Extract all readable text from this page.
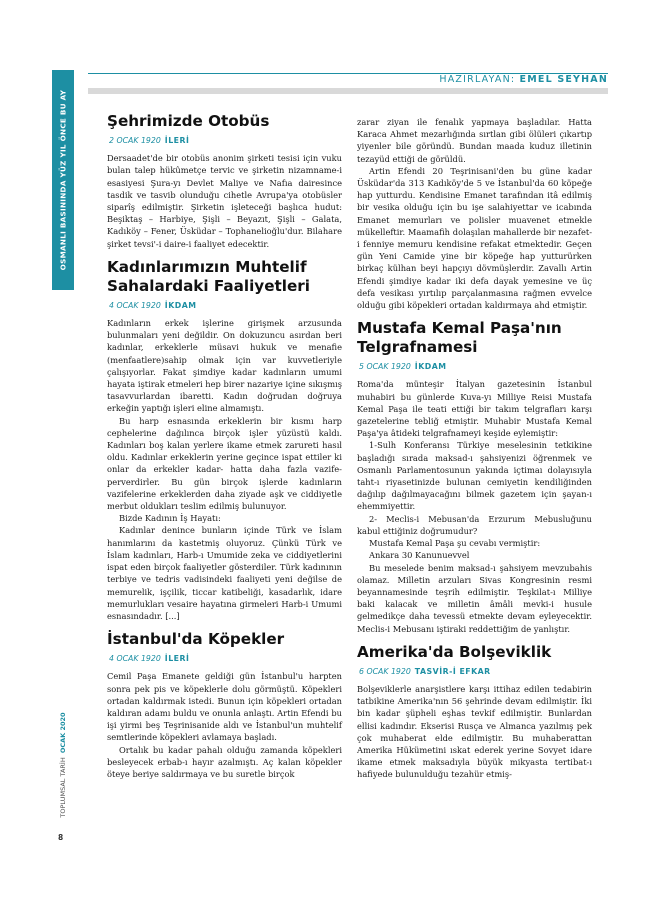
OSMANLI BASININDA YÜZ YIL ÖNCE BU AY
TOPLUMSAL TARİH  OCAK 2020
8
HAZIRLAYAN: EMEL SEYHAN
Şehrimizde Otobüs
2 OCAK 1920 İLERİ

Dersaadet'de bir otobüs anonim şirketi tesisi için vuku bulan talep hükûmetçe tervic ve şirketin nizamname-i esasiyesi Şura-yı Devlet Maliye ve Nafıa dairesince tasdik ve tasvib olunduğu cihetle Avrupa'ya otobüsler siparîş edilmiştir. Şirketin işleteceği başlıca hudut: Beşiktaş – Harbiye, Şişli – Beyazıt, Şişli – Galata, Kadıköy – Fener, Üsküdar – Tophanelioğlu'dur. Bilahare şirket tevsi'-i daire-i faaliyet edecektir.

Kadınlarımızın Muhtelif Sahalardaki Faaliyetleri
4 OCAK 1920 İKDAM

Kadınların erkek işlerine girişmek arzusunda bulunmaları yeni değildir. On dokuzuncu asırdan beri kadınlar, erkeklerle müsavi hukuk ve menafie (menfaatlere)sahip olmak için var kuvvetleriyle çalışıyorlar. Fakat şimdiye kadar kadınların umumi hayata iştirak etmeleri hep birer nazariye içine sıkışmış tasavvurlardan ibaretti. Kadın doğrudan doğruya erkeğin yaptığı işleri eline almamıştı.

Bu harp esnasında erkeklerin bir kısmı harp cephelerine dağılınca birçok işler yüzüstü kaldı. Kadınları boş kalan yerlere ikame etmek zarureti hasıl oldu. Kadınlar erkeklerin yerine geçince ispat ettiler ki onlar da erkekler kadar- hatta daha fazla vazife-perverdirler. Bu gün birçok işlerde kadınların vazifelerine erkeklerden daha ziyade aşk ve ciddiyetle merbut oldukları teslim edilmiş bulunuyor.

Bizde Kadının İş Hayatı:

Kadınlar denince bunların içinde Türk ve İslam hanımlarını da kastetmiş oluyoruz. Çünkü Türk ve İslam kadınları, Harb-ı Umumide zeka ve ciddiyetlerini ispat eden birçok faaliyetler gösterdiler. Türk kadınının terbiye ve tedris vadisindeki faaliyeti yeni değilse de memurelik, işçilik, ticcar katibeliği, kasadarlık, idare memurlukları vesaire hayatına girmeleri Harb-i Umumi esnasındadır. [...]

İstanbul'da Köpekler
4 OCAK 1920 İLERİ

Cemil Paşa Emanete geldiği gün İstanbul'u harpten sonra pek pis ve köpeklerle dolu görmüştü. Köpekleri ortadan kaldırmak istedi. Bunun için köpekleri ortadan kaldıran adamı buldu ve onunla anlaştı. Artin Efendi bu işi yirmi beş Teşrinisanide aldı ve İstanbul'un muhtelif semtlerinde köpekleri avlamaya başladı.

Ortalık bu kadar pahalı olduğu zamanda köpekleri besleyecek erbab-ı hayır azalmıştı. Aç kalan köpekler öteye beriye saldırmaya ve bu suretle birçok

zarar ziyan ile fenalık yapmaya başladılar. Hatta Karaca Ahmet mezarlığında sırtlan gibi ölüleri çıkartıp yiyenler bile göründü. Bundan maada kuduz illetinin tezayüd ettiği de görüldü.

Artin Efendi 20 Teşrinisani'den bu güne kadar Üsküdar'da 313 Kadıköy'de 5 ve İstanbul'da 60 köpeğe hap yutturdu. Kendisine Emanet tarafından itâ edilmiş bir vesika olduğu için bu işe salahiyettar ve icabında Emanet memurları ve polisler muavenet etmekle mükelleftir. Maamafih dolaşılan mahallerde bir nezafet-i fenniye memuru kendisine refakat etmektedir. Geçen gün Yeni Camide yine bir köpeğe hap yutturürken birkaç külhan beyi hapçıyı dövmüşlerdir. Zavallı Artin Efendi şimdiye kadar iki defa dayak yemesine ve üç defa vesikası yırtılıp parçalanmasına rağmen evvelce olduğu gibi köpekleri ortadan kaldırmaya ahd etmiştir.

Mustafa Kemal Paşa'nın Telgrafnamesi
5 OCAK 1920 İKDAM

Roma'da münteşir İtalyan gazetesinin İstanbul muhabiri bu günlerde Kuva-yı Milliye Reisi Mustafa Kemal Paşa ile teati ettiği bir takım telgrafları karşı gazetelerine tebliğ etmiştir. Muhabir Mustafa Kemal Paşa'ya âtideki telgrafnameyi keşide eylemiştir:

1-Sulh Konferansı Türkiye meselesinin tetkikine başladığı sırada maksad-ı şahsiyenizi öğrenmek ve Osmanlı Parlamentosunun yakında içtimaı dolayısıyla taht-ı riyasetinizde bulunan cemiyetin kendiliğinden dağılıp dağılmayacağını bilmek gazetem için şayan-ı ehemmiyettir.

2- Meclis-i Mebusan'da Erzurum Mebusluğunu kabul ettiğiniz doğrumudur?

Mustafa Kemal Paşa şu cevabı vermiştir:

Ankara 30 Kanunuevvel

Bu meselede benim maksad-ı şahsiyem mevzubahis olamaz. Milletin arzuları Sivas Kongresinin resmi beyannamesinde teşrih edilmiştir. Teşkilat-ı Milliye baki kalacak ve milletin âmâli mevki-i husule gelmedikçe daha tevessü etmekte devam eyleyecektir. Meclis-i Mebusanı iştiraki reddettiğim de yanlıştır.

Amerika'da Bolşeviklik
6 OCAK 1920 TASVİR-İ EFKAR

Bolşeviklerle anarşistlere karşı ittihaz edilen tedabirin tatbikine Amerika'nın 56 şehrinde devam edilmiştir. İki bin kadar şüpheli eşhas tevkif edilmiştir. Bunlardan ellisi kadındır. Ekserisi Rusça ve Almanca yazılmış pek çok muhaberat elde edilmiştir. Bu muhaberattan Amerika Hükümetini ıskat ederek yerine Sovyet idare ikame etmek maksadıyla büyük mikyasta tertibat-ı hafiyede bulunulduğu tezahür etmiş-
